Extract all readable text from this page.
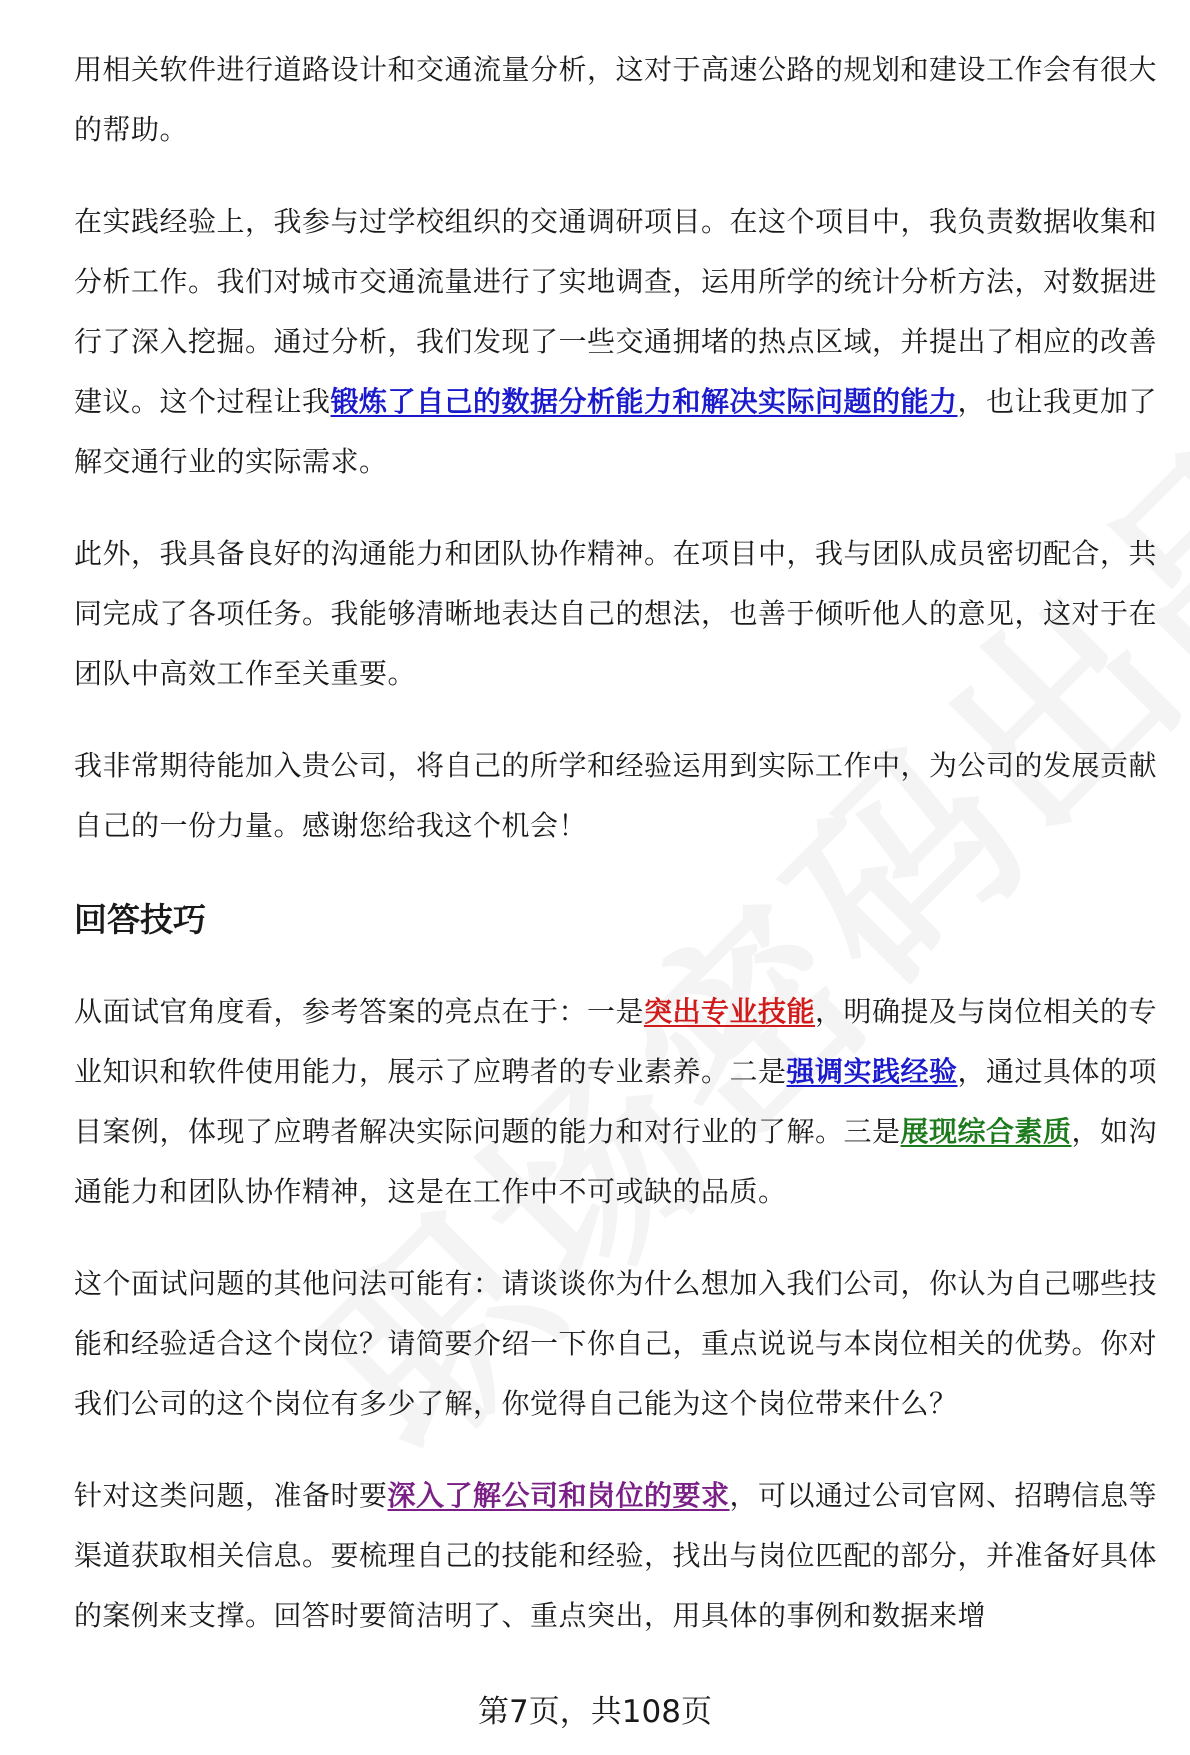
用相关软件进行道路设计和交通流量分析，这对于高速公路的规划和建设工作会有很大的帮助。

在实践经验上，我参与过学校组织的交通调研项目。在这个项目中，我负责数据收集和分析工作。我们对城市交通流量进行了实地调查，运用所学的统计分析方法，对数据进行了深入挖掘。通过分析，我们发现了一些交通拥堵的热点区域，并提出了相应的改善建议。这个过程让我锻炼了自己的数据分析能力和解决实际问题的能力，也让我更加了解交通行业的实际需求。

此外，我具备良好的沟通能力和团队协作精神。在项目中，我与团队成员密切配合，共同完成了各项任务。我能够清晰地表达自己的想法，也善于倾听他人的意见，这对于在团队中高效工作至关重要。

我非常期待能加入贵公司，将自己的所学和经验运用到实际工作中，为公司的发展贡献自己的一份力量。感谢您给我这个机会！

回答技巧

从面试官角度看，参考答案的亮点在于：一是突出专业技能，明确提及与岗位相关的专业知识和软件使用能力，展示了应聘者的专业素养。二是强调实践经验，通过具体的项目案例，体现了应聘者解决实际问题的能力和对行业的了解。三是展现综合素质，如沟通能力和团队协作精神，这是在工作中不可或缺的品质。

这个面试问题的其他问法可能有：请谈谈你为什么想加入我们公司，你认为自己哪些技能和经验适合这个岗位？请简要介绍一下你自己，重点说说与本岗位相关的优势。你对我们公司的这个岗位有多少了解，你觉得自己能为这个岗位带来什么？

针对这类问题，准备时要深入了解公司和岗位的要求，可以通过公司官网、招聘信息等渠道获取相关信息。要梳理自己的技能和经验，找出与岗位匹配的部分，并准备好具体的案例来支撑。回答时要简洁明了、重点突出，用具体的事例和数据来增

第7页，共108页
